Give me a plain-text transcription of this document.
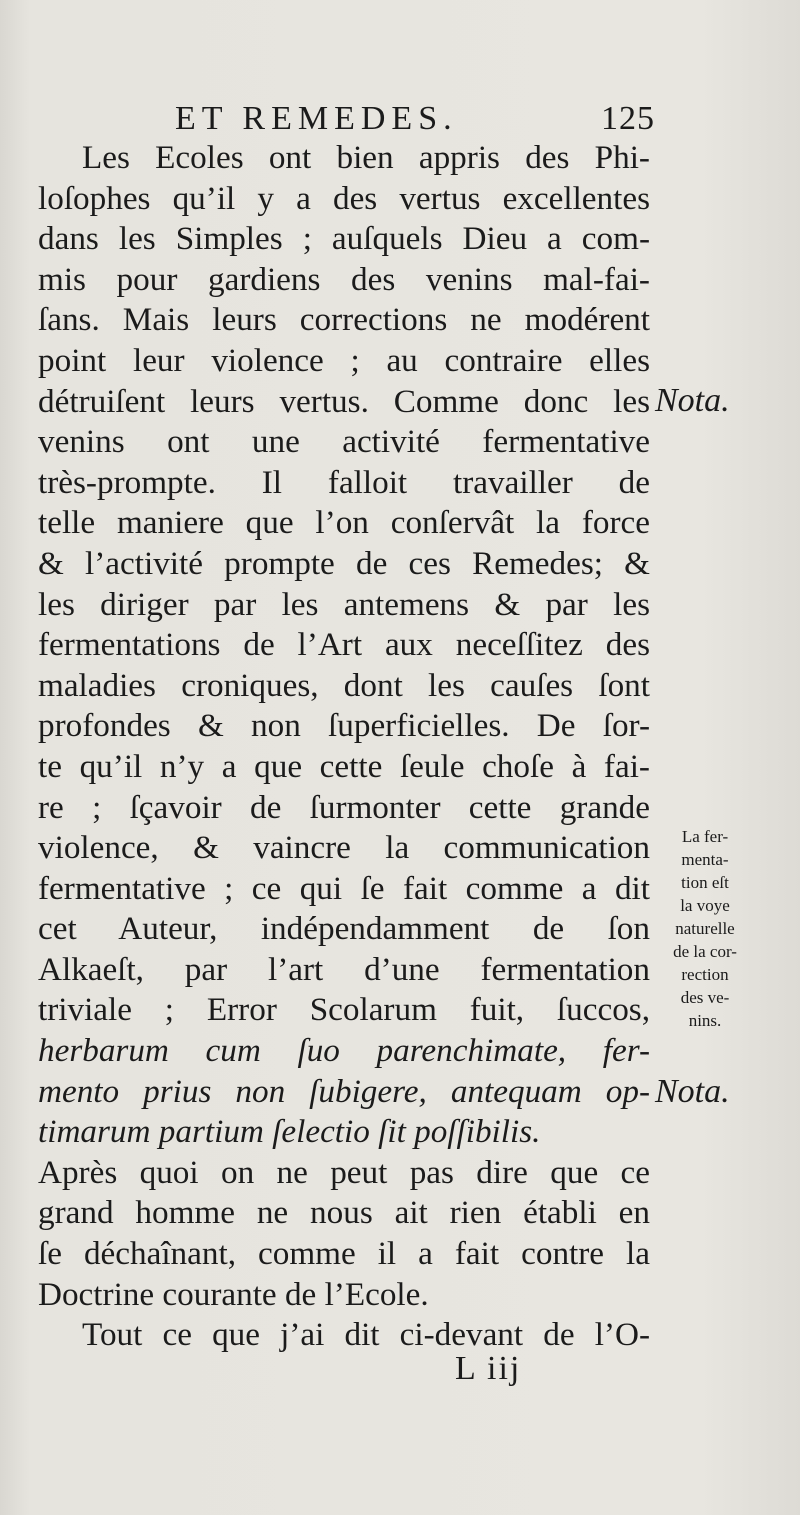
ET REMEDES.	125
Les Ecoles ont bien appris des Phi-
loſophes qu’il y a des vertus excellentes
dans les Simples ; auſquels Dieu a com-
mis pour gardiens des venins mal-fai-
ſans. Mais leurs corrections ne modérent
point leur violence ; au contraire elles
détruiſent leurs vertus. Comme donc les
venins ont une activité fermentative
très-prompte. Il falloit travailler de
telle maniere que l’on conſervât la force
& l’activité prompte de ces Remedes; &
les diriger par les antemens & par les
fermentations de l’Art aux neceſſitez des
maladies croniques, dont les cauſes ſont
profondes & non ſuperficielles. De ſor-
te qu’il n’y a que cette ſeule choſe à fai-
re ; ſçavoir de ſurmonter cette grande
violence, & vaincre la communication
fermentative ; ce qui ſe fait comme a dit
cet Auteur, indépendamment de ſon
Alkaeſt, par l’art d’une fermentation
triviale ; Error Scolarum fuit, ſuccos,
herbarum cum ſuo parenchimate, fer-
mento prius non ſubigere, antequam op-
timarum partium ſelectio ſit poſſibilis.
Après quoi on ne peut pas dire que ce
grand homme ne nous ait rien établi en
ſe déchaînant, comme il a fait contre la
Doctrine courante de l’Ecole.
Tout ce que j’ai dit ci-devant de l’O-
Nota.
Nota.
La fer-
menta-
tion eſt
la voye
naturelle
de la cor-
rection
des ve-
nins.
L iij
